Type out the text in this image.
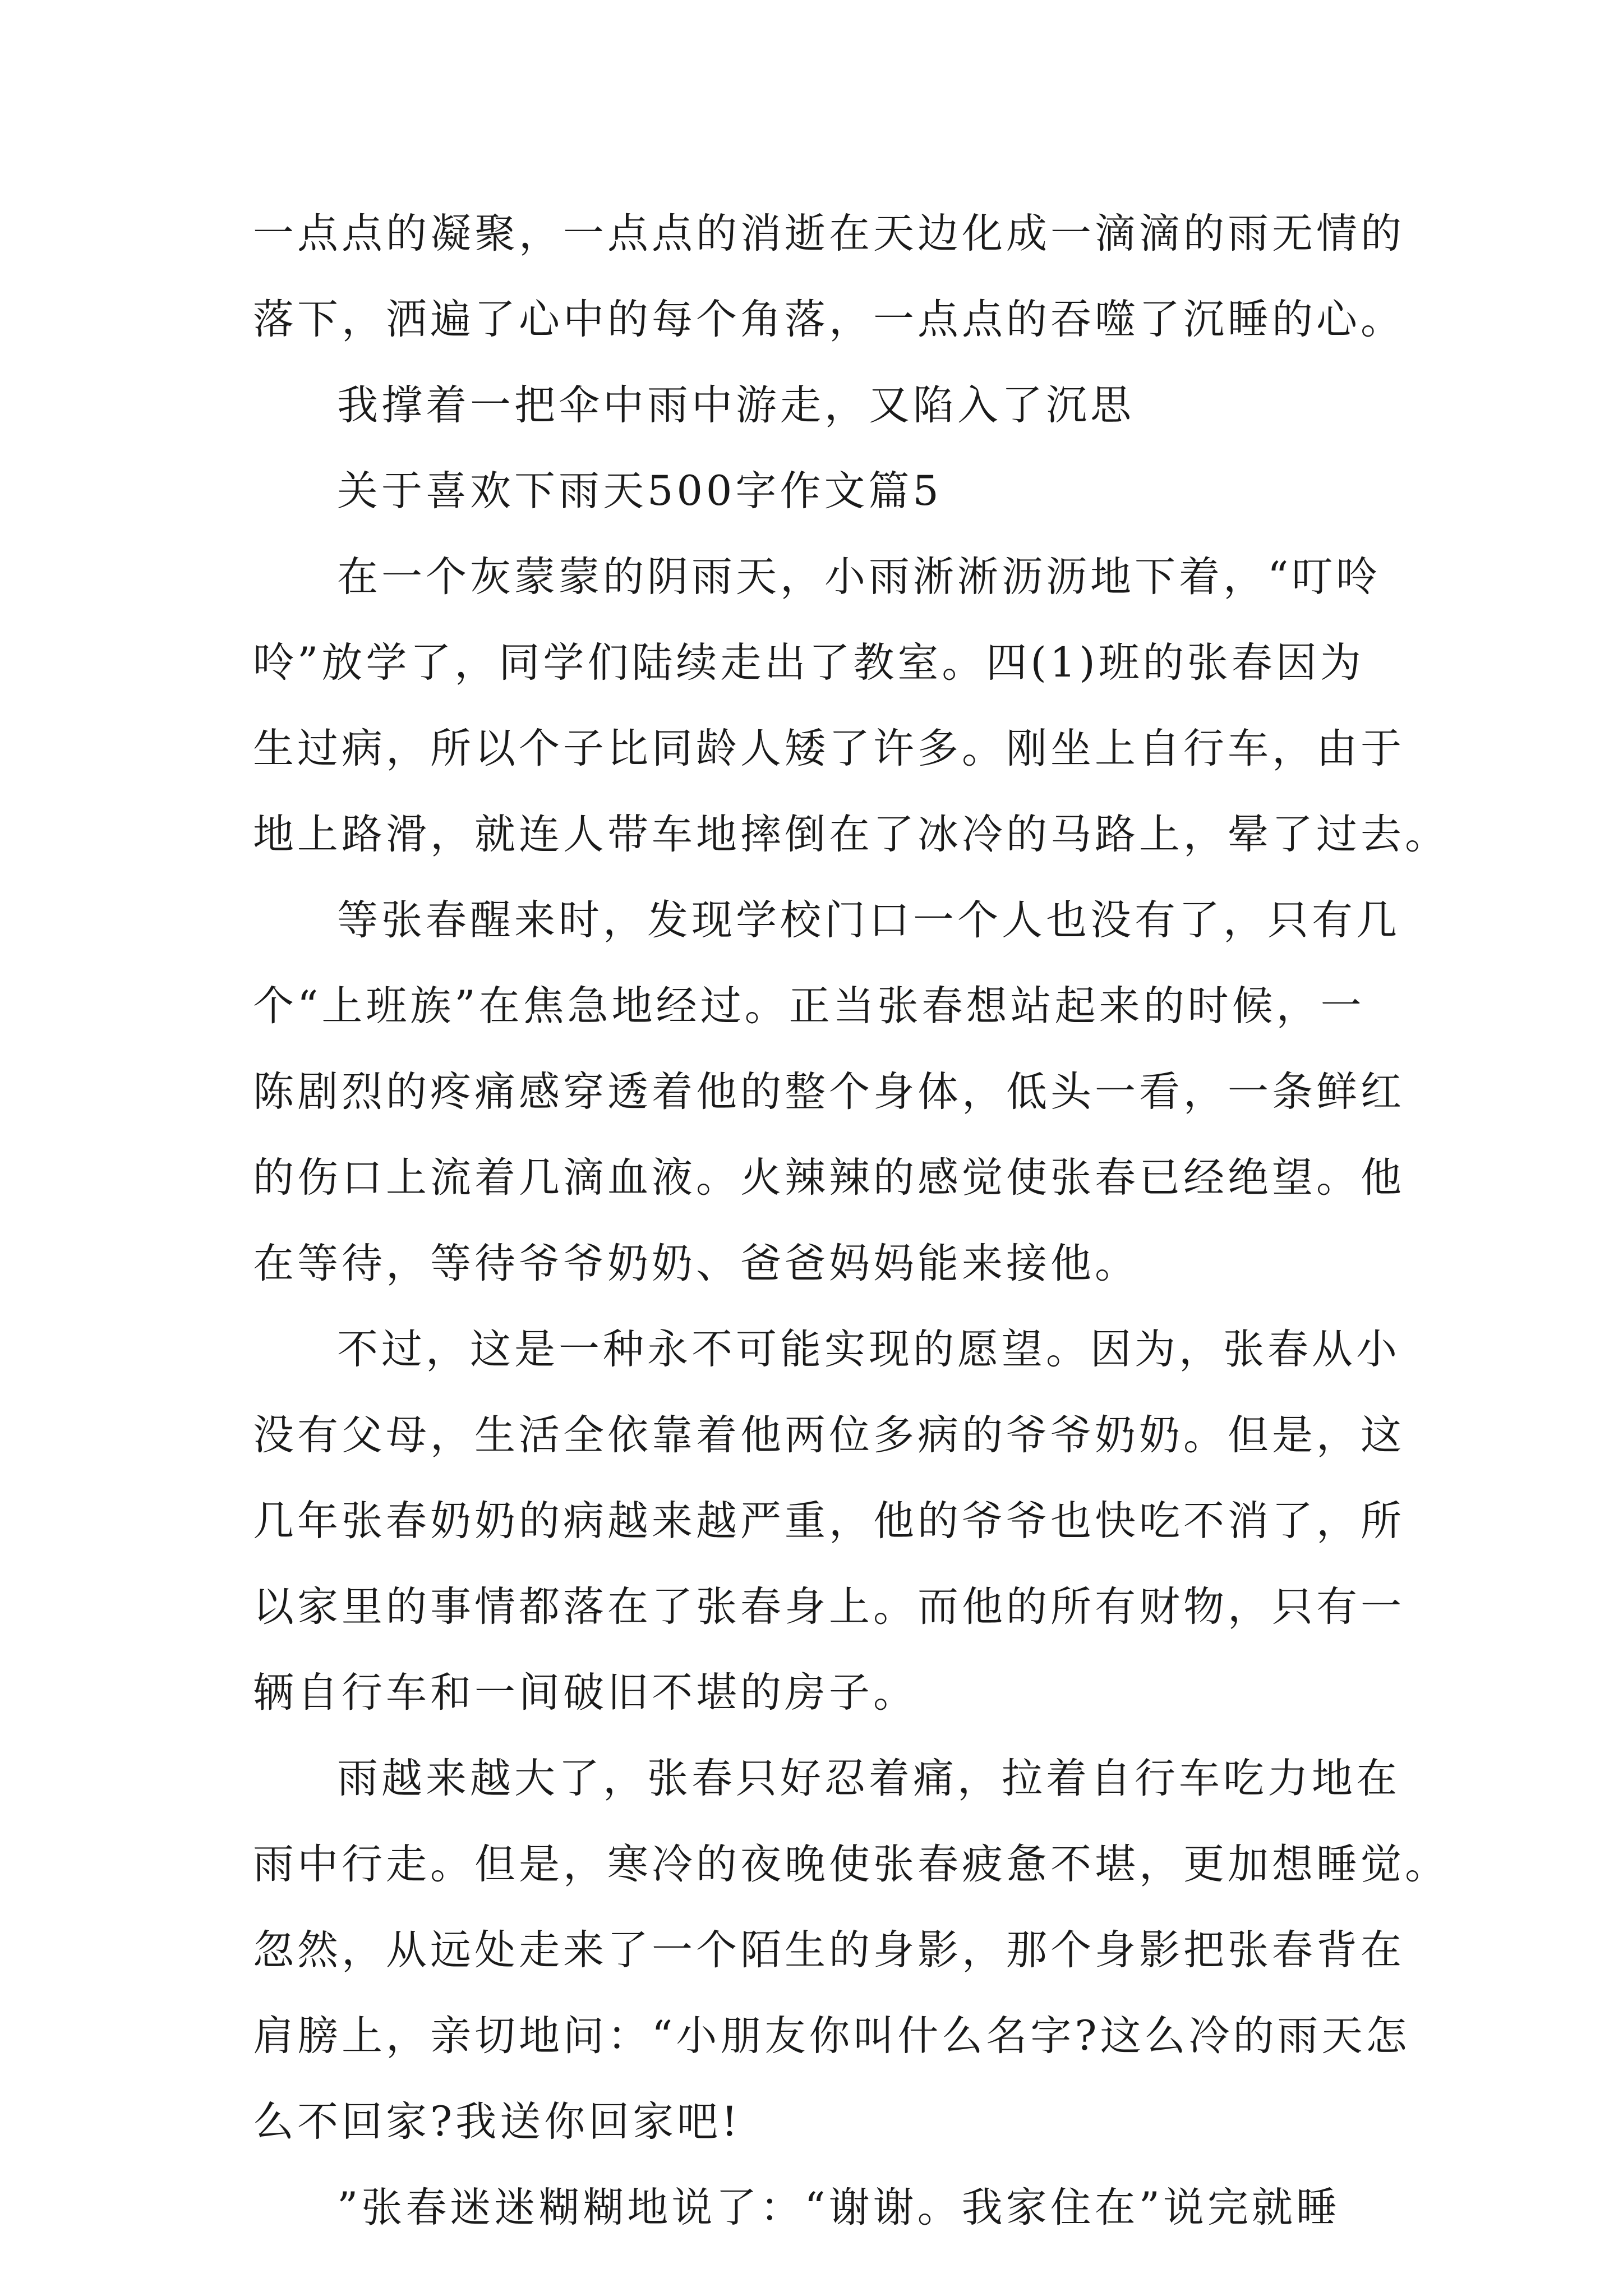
一点点的凝聚，一点点的消逝在天边化成一滴滴的雨无情的
落下，洒遍了心中的每个角落，一点点的吞噬了沉睡的心。
我撑着一把伞中雨中游走，又陷入了沉思
关于喜欢下雨天500字作文篇5
在一个灰蒙蒙的阴雨天，小雨淅淅沥沥地下着，“叮呤
呤”放学了，同学们陆续走出了教室。四(1)班的张春因为
生过病，所以个子比同龄人矮了许多。刚坐上自行车，由于
地上路滑，就连人带车地摔倒在了冰冷的马路上，晕了过去。
等张春醒来时，发现学校门口一个人也没有了，只有几
个“上班族”在焦急地经过。正当张春想站起来的时候，一
陈剧烈的疼痛感穿透着他的整个身体，低头一看，一条鲜红
的伤口上流着几滴血液。火辣辣的感觉使张春已经绝望。他
在等待，等待爷爷奶奶、爸爸妈妈能来接他。
不过，这是一种永不可能实现的愿望。因为，张春从小
没有父母，生活全依靠着他两位多病的爷爷奶奶。但是，这
几年张春奶奶的病越来越严重，他的爷爷也快吃不消了，所
以家里的事情都落在了张春身上。而他的所有财物，只有一
辆自行车和一间破旧不堪的房子。
雨越来越大了，张春只好忍着痛，拉着自行车吃力地在
雨中行走。但是，寒冷的夜晚使张春疲惫不堪，更加想睡觉。
忽然，从远处走来了一个陌生的身影，那个身影把张春背在
肩膀上，亲切地问：“小朋友你叫什么名字?这么冷的雨天怎
么不回家?我送你回家吧!
”张春迷迷糊糊地说了：“谢谢。我家住在”说完就睡
